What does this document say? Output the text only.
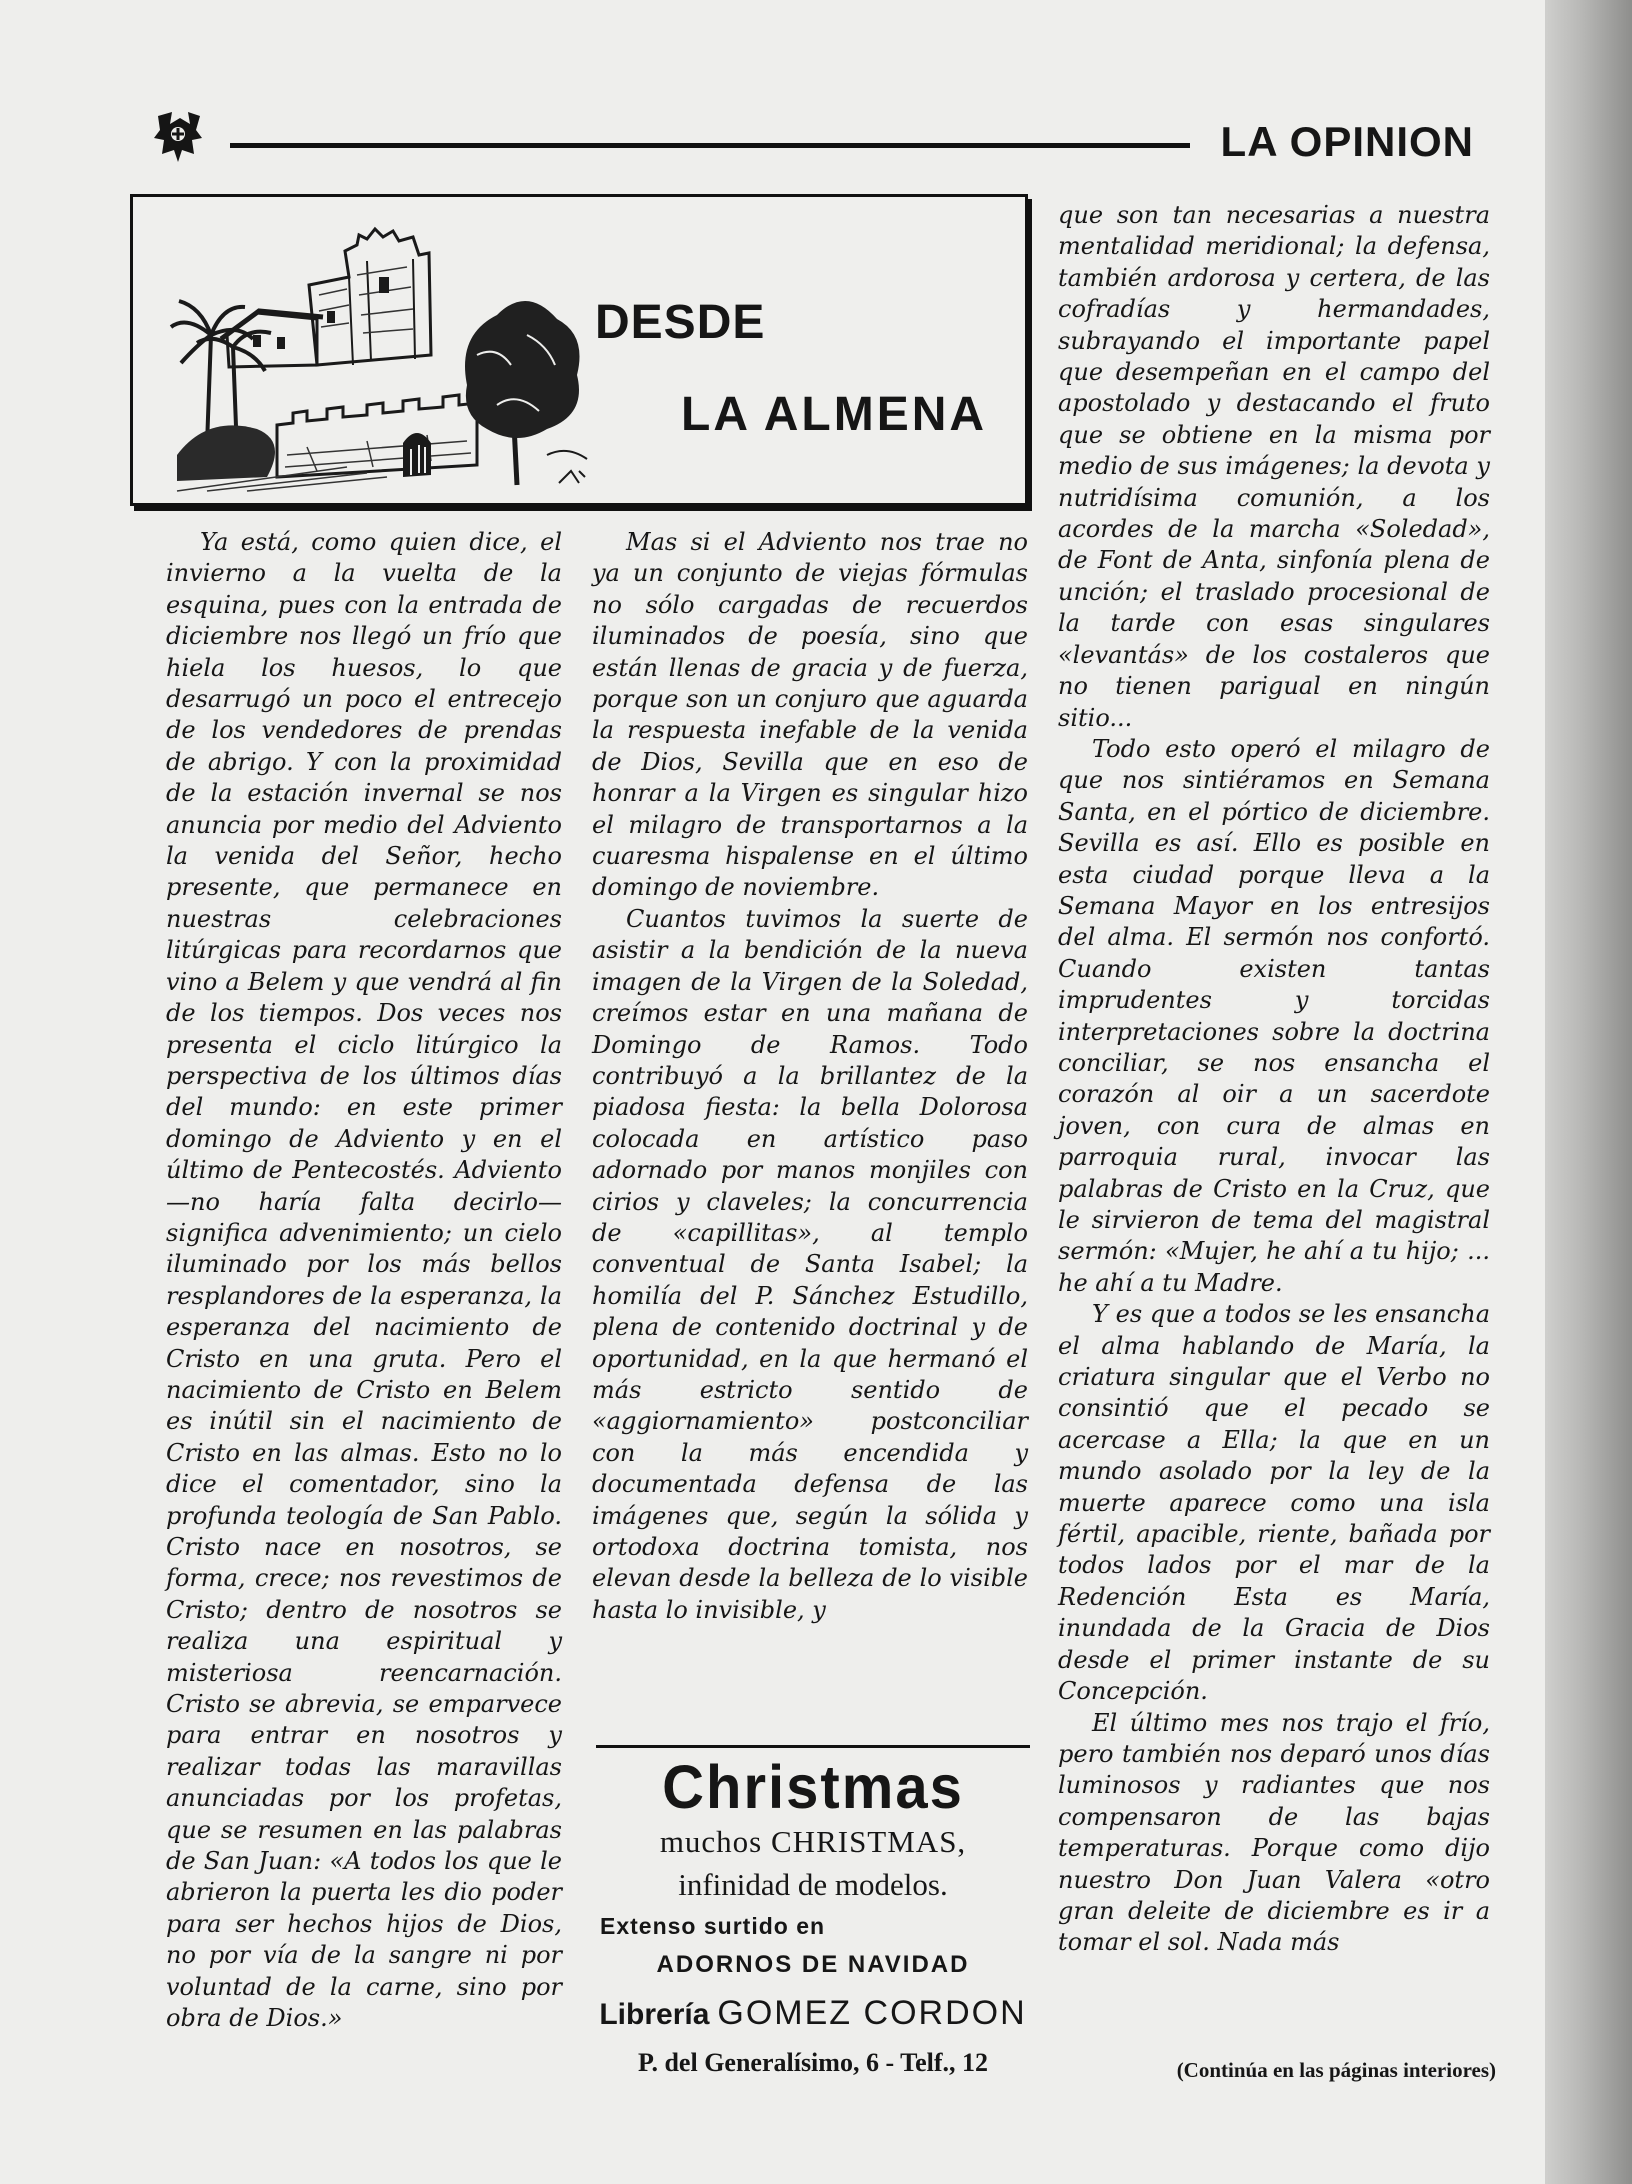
LA OPINION
DESDE
LA ALMENA

Ya está, como quien dice, el invierno a la vuelta de la esquina, pues con la entrada de diciembre nos llegó un frío que hiela los huesos, lo que desarrugó un poco el entrecejo de los vendedores de prendas de abrigo. Y con la proximidad de la estación invernal se nos anuncia por medio del Adviento la venida del Señor, hecho presente, que permanece en nuestras celebraciones litúrgicas para recordarnos que vino a Belem y que vendrá al fin de los tiempos. Dos veces nos presenta el ciclo litúrgico la perspectiva de los últimos días del mundo: en este primer domingo de Adviento y en el último de Pentecostés. Adviento—no haría falta decirlo—significa advenimiento; un cielo iluminado por los más bellos resplandores de la esperanza, la esperanza del nacimiento de Cristo en una gruta. Pero el nacimiento de Cristo en Belem es inútil sin el nacimiento de Cristo en las almas. Esto no lo dice el comentador, sino la profunda teología de San Pablo. Cristo nace en nosotros, se forma, crece; nos revestimos de Cristo; dentro de nosotros se realiza una espiritual y misteriosa reencarnación. Cristo se abrevia, se emparvece para entrar en nosotros y realizar todas las maravillas anunciadas por los profetas, que se resumen en las palabras de San Juan: «A todos los que le abrieron la puerta les dio poder para ser hechos hijos de Dios, no por vía de la sangre ni por voluntad de la carne, sino por obra de Dios.»

Mas si el Adviento nos trae no ya un conjunto de viejas fórmulas no sólo cargadas de recuerdos iluminados de poesía, sino que están llenas de gracia y de fuerza, porque son un conjuro que aguarda la respuesta inefable de la venida de Dios, Sevilla que en eso de honrar a la Virgen es singular hizo el milagro de transportarnos a la cuaresma hispalense en el último domingo de noviembre.

Cuantos tuvimos la suerte de asistir a la bendición de la nueva imagen de la Virgen de la Soledad, creímos estar en una mañana de Domingo de Ramos. Todo contribuyó a la brillantez de la piadosa fiesta: la bella Dolorosa colocada en artístico paso adornado por manos monjiles con cirios y claveles; la concurrencia de «capillitas», al templo conventual de Santa Isabel; la homilía del P. Sánchez Estudillo, plena de contenido doctrinal y de oportunidad, en la que hermanó el más estricto sentido de «aggiornamiento» postconciliar con la más encendida y documentada defensa de las imágenes que, según la sólida y ortodoxa doctrina tomista, nos elevan desde la belleza de lo visible hasta lo invisible, y

que son tan necesarias a nuestra mentalidad meridional; la defensa, también ardorosa y certera, de las cofradías y hermandades, subrayando el importante papel que desempeñan en el campo del apostolado y destacando el fruto que se obtiene en la misma por medio de sus imágenes; la devota y nutridísima comunión, a los acordes de la marcha «Soledad», de Font de Anta, sinfonía plena de unción; el traslado procesional de la tarde con esas singulares «levantás» de los costaleros que no tienen parigual en ningún sitio...

Todo esto operó el milagro de que nos sintiéramos en Semana Santa, en el pórtico de diciembre. Sevilla es así. Ello es posible en esta ciudad porque lleva a la Semana Mayor en los entresijos del alma. El sermón nos confortó. Cuando existen tantas imprudentes y torcidas interpretaciones sobre la doctrina conciliar, se nos ensancha el corazón al oir a un sacerdote joven, con cura de almas en parroquia rural, invocar las palabras de Cristo en la Cruz, que le sirvieron de tema del magistral sermón: «Mujer, he ahí a tu hijo; ... he ahí a tu Madre.

Y es que a todos se les ensancha el alma hablando de María, la criatura singular que el Verbo no consintió que el pecado se acercase a Ella; la que en un mundo asolado por la ley de la muerte aparece como una isla fértil, apacible, riente, bañada por todos lados por el mar de la Redención Esta es María, inundada de la Gracia de Dios desde el primer instante de su Concepción.

El último mes nos trajo el frío, pero también nos deparó unos días luminosos y radiantes que nos compensaron de las bajas temperaturas. Porque como dijo nuestro Don Juan Valera «otro gran deleite de diciembre es ir a tomar el sol. Nada más

Christmas
muchos CHRISTMAS,
infinidad de modelos.
Extenso surtido en
ADORNOS DE NAVIDAD
Librería GOMEZ CORDON
P. del Generalísimo, 6 - Telf., 12	(Continúa en las páginas interiores)
